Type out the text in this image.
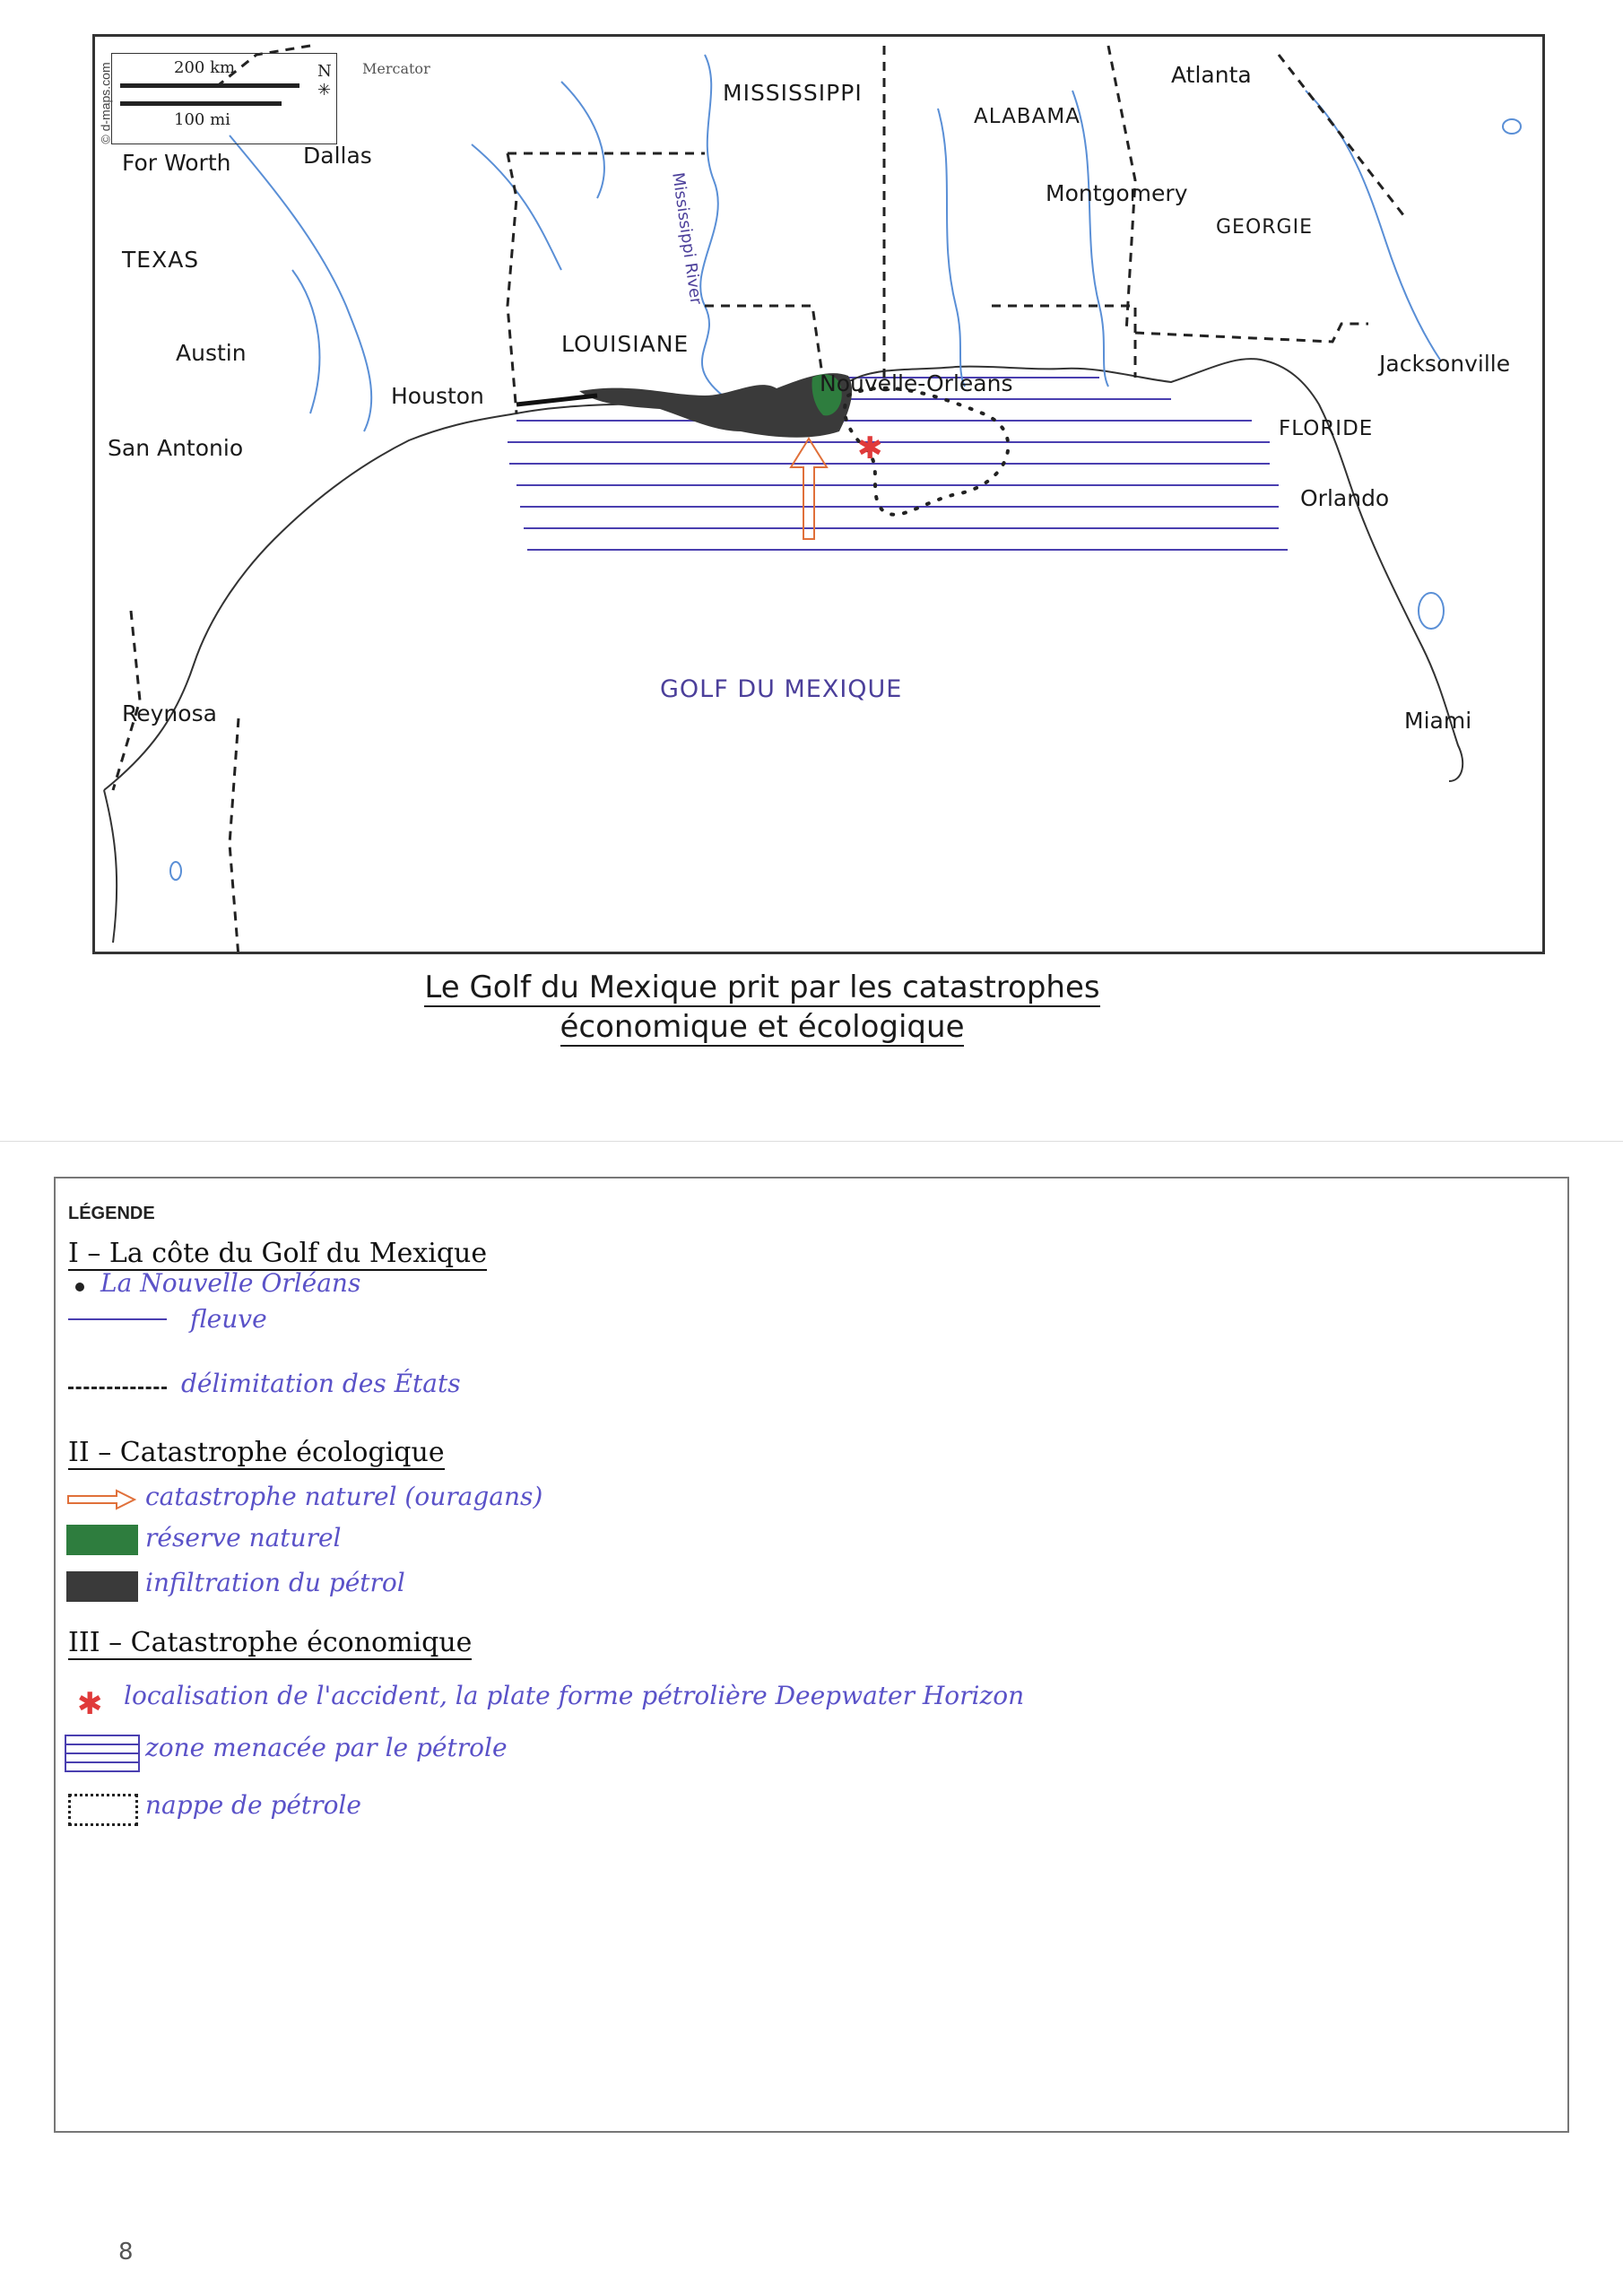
✱
200 km
100 mi
N
✳
Mercator
© d-maps.com	MISSISSIPPI
ALABAMA
TEXAS
LOUISIANE
GEORGIE
FLORIDE
For Worth	Dallas
Atlanta
Montgomery
Austin
Houston
San Antonio
Nouvelle-Orleans
Jacksonville
Orlando
Reynosa	Miami
Mississippi River
GOLF DU MEXIQUE
Le Golf du Mexique prit par les catastrophes
économique et écologique
LÉGENDE
I – La côte du Golf du Mexique
La Nouvelle Orléans
fleuve
délimitation des États
II – Catastrophe écologique
catastrophe naturel (ouragans)
réserve naturel
infiltration du pétrol
III – Catastrophe économique
✱ localisation de l'accident, la plate forme pétrolière Deepwater Horizon
zone menacée par le pétrole
nappe de pétrole
8
